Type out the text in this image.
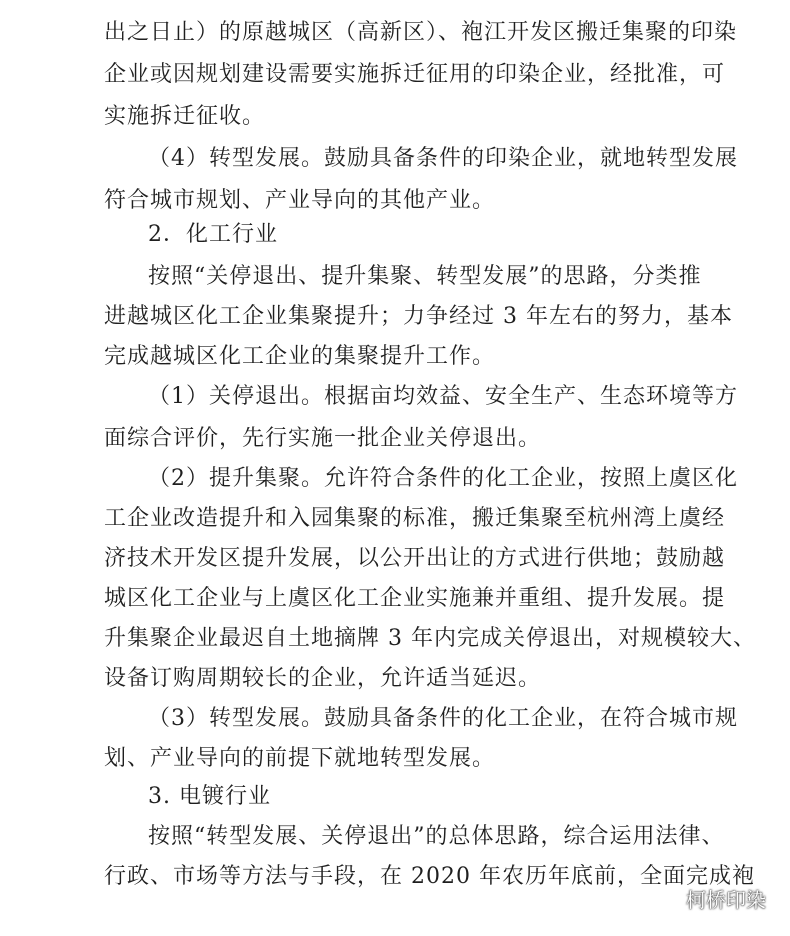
出之日止）的原越城区（高新区）、袍江开发区搬迁集聚的印染
企业或因规划建设需要实施拆迁征用的印染企业，经批准，可
实施拆迁征收。
（4）转型发展。鼓励具备条件的印染企业，就地转型发展
符合城市规划、产业导向的其他产业。
2．化工行业
按照“关停退出、提升集聚、转型发展”的思路，分类推
进越城区化工企业集聚提升；力争经过 3 年左右的努力，基本
完成越城区化工企业的集聚提升工作。
（1）关停退出。根据亩均效益、安全生产、生态环境等方
面综合评价，先行实施一批企业关停退出。
（2）提升集聚。允许符合条件的化工企业，按照上虞区化
工企业改造提升和入园集聚的标准，搬迁集聚至杭州湾上虞经
济技术开发区提升发展，以公开出让的方式进行供地；鼓励越
城区化工企业与上虞区化工企业实施兼并重组、提升发展。提
升集聚企业最迟自土地摘牌 3 年内完成关停退出，对规模较大、
设备订购周期较长的企业，允许适当延迟。
（3）转型发展。鼓励具备条件的化工企业，在符合城市规
划、产业导向的前提下就地转型发展。
3. 电镀行业
按照“转型发展、关停退出”的总体思路，综合运用法律、
行政、市场等方法与手段，在 2020 年农历年底前，全面完成袍
柯桥印染
